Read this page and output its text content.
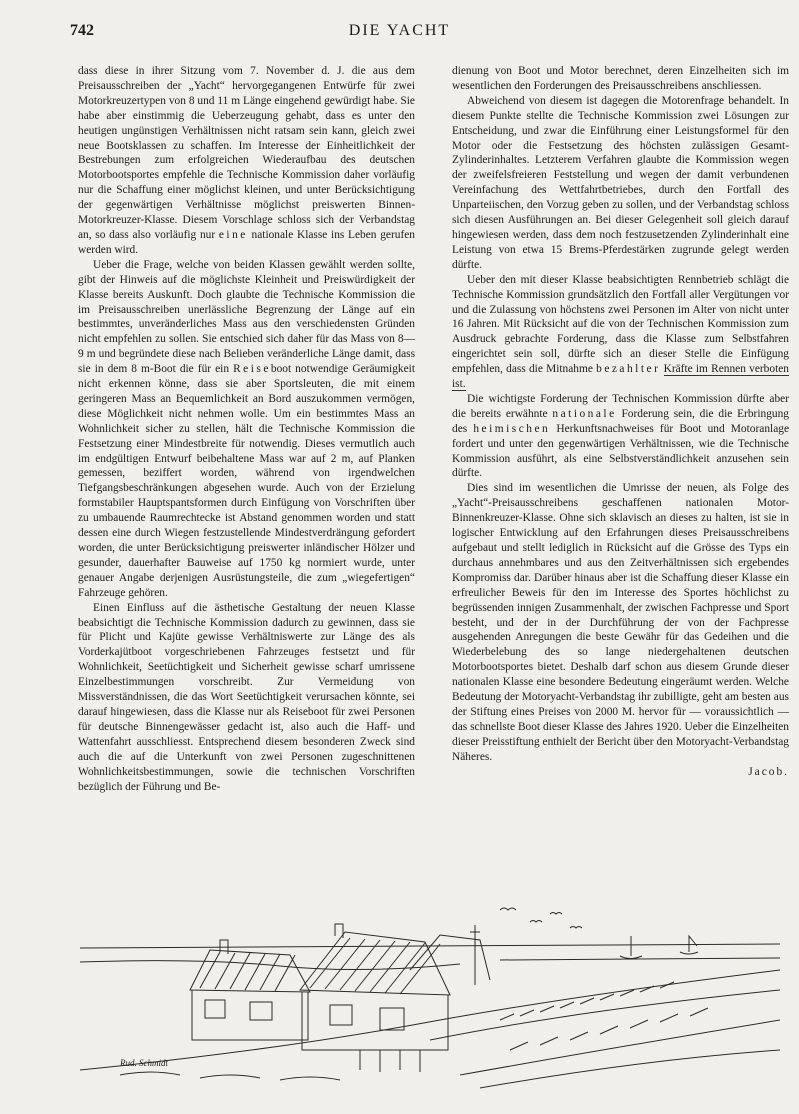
742	DIE YACHT

dass diese in ihrer Sitzung vom 7. November d. J. die aus dem Preisausschreiben der „Yacht“ hervorgegangenen Entwürfe für zwei Motorkreuzertypen von 8 und 11 m Länge eingehend gewürdigt habe. Sie habe aber einstimmig die Ueberzeugung gehabt, dass es unter den heutigen ungünstigen Verhältnissen nicht ratsam sein kann, gleich zwei neue Bootsklassen zu schaffen. Im Interesse der Einheitlichkeit der Bestrebungen zum erfolgreichen Wiederaufbau des deutschen Motorbootsportes empfehle die Technische Kommission daher vorläufig nur die Schaffung einer möglichst kleinen, und unter Berücksichtigung der gegenwärtigen Verhältnisse möglichst preiswerten Binnen-Motorkreuzer-Klasse. Diesem Vorschlage schloss sich der Verbandstag an, so dass also vorläufig nur eine nationale Klasse ins Leben gerufen werden wird.

Ueber die Frage, welche von beiden Klassen gewählt werden sollte, gibt der Hinweis auf die möglichste Kleinheit und Preiswürdigkeit der Klasse bereits Auskunft. Doch glaubte die Technische Kommission die im Preisausschreiben unerlässliche Begrenzung der Länge auf ein bestimmtes, unveränderliches Mass aus den verschiedensten Gründen nicht empfehlen zu sollen. Sie entschied sich daher für das Mass von 8—9 m und begründete diese nach Belieben veränderliche Länge damit, dass sie in dem 8 m-Boot die für ein Reiseboot notwendige Geräumigkeit nicht erkennen könne, dass sie aber Sportsleuten, die mit einem geringeren Mass an Bequemlichkeit an Bord auszukommen vermögen, diese Möglichkeit nicht nehmen wolle. Um ein bestimmtes Mass an Wohnlichkeit sicher zu stellen, hält die Technische Kommission die Festsetzung einer Mindestbreite für notwendig. Dieses vermutlich auch im endgültigen Entwurf beibehaltene Mass war auf 2 m, auf Planken gemessen, beziffert worden, während von irgendwelchen Tiefgangsbeschränkungen abgesehen wurde. Auch von der Erzielung formstabiler Hauptspantsformen durch Einfügung von Vorschriften über zu umbauende Raumrechtecke ist Abstand genommen worden und statt dessen eine durch Wiegen festzustellende Mindestverdrängung gefordert worden, die unter Berücksichtigung preiswerter inländischer Hölzer und gesunder, dauerhafter Bauweise auf 1750 kg normiert wurde, unter genauer Angabe derjenigen Ausrüstungsteile, die zum „wiegefertigen“ Fahrzeuge gehören.

Einen Einfluss auf die ästhetische Gestaltung der neuen Klasse beabsichtigt die Technische Kommission dadurch zu gewinnen, dass sie für Plicht und Kajüte gewisse Verhältniswerte zur Länge des als Vorderkajütboot vorgeschriebenen Fahrzeuges festsetzt und für Wohnlichkeit, Seetüchtigkeit und Sicherheit gewisse scharf umrissene Einzelbestimmungen vorschreibt. Zur Vermeidung von Missverständnissen, die das Wort Seetüchtigkeit verursachen könnte, sei darauf hingewiesen, dass die Klasse nur als Reiseboot für zwei Personen für deutsche Binnengewässer gedacht ist, also auch die Haff- und Wattenfahrt ausschliesst. Entsprechend diesem besonderen Zweck sind auch die auf die Unterkunft von zwei Personen zugeschnittenen Wohnlichkeitsbestimmungen, sowie die technischen Vorschriften bezüglich der Führung und Be-

dienung von Boot und Motor berechnet, deren Einzelheiten sich im wesentlichen den Forderungen des Preisausschreibens anschliessen.

Abweichend von diesem ist dagegen die Motorenfrage behandelt. In diesem Punkte stellte die Technische Kommission zwei Lösungen zur Entscheidung, und zwar die Einführung einer Leistungsformel für den Motor oder die Festsetzung des höchsten zulässigen Gesamt-Zylinderinhaltes. Letzterem Verfahren glaubte die Kommission wegen der zweifelsfreieren Feststellung und wegen der damit verbundenen Vereinfachung des Wettfahrtbetriebes, durch den Fortfall des Unparteiischen, den Vorzug geben zu sollen, und der Verbandstag schloss sich diesen Ausführungen an. Bei dieser Gelegenheit soll gleich darauf hingewiesen werden, dass dem noch festzusetzenden Zylinderinhalt eine Leistung von etwa 15 Brems-Pferdestärken zugrunde gelegt werden dürfte.

Ueber den mit dieser Klasse beabsichtigten Rennbetrieb schlägt die Technische Kommission grundsätzlich den Fortfall aller Vergütungen vor und die Zulassung von höchstens zwei Personen im Alter von nicht unter 16 Jahren. Mit Rücksicht auf die von der Technischen Kommission zum Ausdruck gebrachte Forderung, dass die Klasse zum Selbstfahren eingerichtet sein soll, dürfte sich an dieser Stelle die Einfügung empfehlen, dass die Mitnahme bezahlter Kräfte im Rennen verboten ist.

Die wichtigste Forderung der Technischen Kommission dürfte aber die bereits erwähnte nationale Forderung sein, die die Erbringung des heimischen Herkunftsnachweises für Boot und Motoranlage fordert und unter den gegenwärtigen Verhältnissen, wie die Technische Kommission ausführt, als eine Selbstverständlichkeit anzusehen sein dürfte.

Dies sind im wesentlichen die Umrisse der neuen, als Folge des „Yacht“-Preisausschreibens geschaffenen nationalen Motor-Binnenkreuzer-Klasse. Ohne sich sklavisch an dieses zu halten, ist sie in logischer Entwicklung auf den Erfahrungen dieses Preisausschreibens aufgebaut und stellt lediglich in Rücksicht auf die Grösse des Typs ein durchaus annehmbares und aus den Zeitverhältnissen sich ergebendes Kompromiss dar. Darüber hinaus aber ist die Schaffung dieser Klasse ein erfreulicher Beweis für den im Interesse des Sportes höchlichst zu begrüssenden innigen Zusammenhalt, der zwischen Fachpresse und Sport besteht, und der in der Durchführung der von der Fachpresse ausgehenden Anregungen die beste Gewähr für das Gedeihen und die Wiederbelebung des so lange niedergehaltenen deutschen Motorbootsportes bietet. Deshalb darf schon aus diesem Grunde dieser nationalen Klasse eine besondere Bedeutung eingeräumt werden. Welche Bedeutung der Motoryacht-Verbandstag ihr zubilligte, geht am besten aus der Stiftung eines Preises von 2000 M. hervor für — voraussichtlich — das schnellste Boot dieser Klasse des Jahres 1920. Ueber die Einzelheiten dieser Preisstiftung enthielt der Bericht über den Motoryacht-Verbandstag Näheres.

Jacob.
Rud. Schmidt
